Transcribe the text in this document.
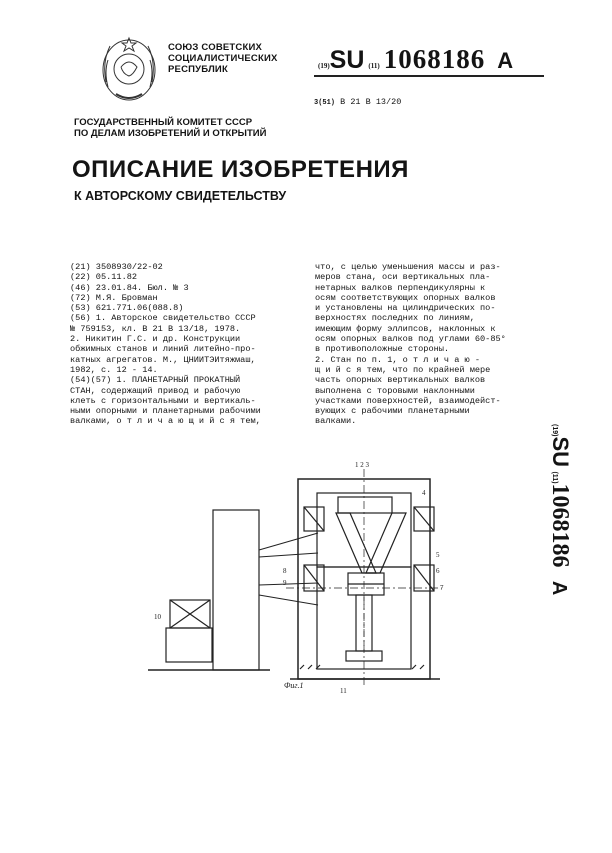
СОЮЗ СОВЕТСКИХ
СОЦИАЛИСТИЧЕСКИХ
РЕСПУБЛИК	(19)SU (11) 1068186 A
3(51) B 21 B 13/20
ГОСУДАРСТВЕННЫЙ КОМИТЕТ СССР
ПО ДЕЛАМ ИЗОБРЕТЕНИЙ И ОТКРЫТИЙ
ОПИСАНИЕ ИЗОБРЕТЕНИЯ
К АВТОРСКОМУ СВИДЕТЕЛЬСТВУ
(21) 3508930/22-02
(22) 05.11.82
(46) 23.01.84. Бюл. № 3
(72) М.Я. Бровман
(53) 621.771.06(088.8)
(56) 1. Авторское свидетельство СССР
№ 759153, кл. В 21 В 13/18, 1978.
2. Никитин Г.С. и др. Конструкции
обжимных станов и линий литейно-про-
катных агрегатов. М., ЦНИИТЭИтяжмаш,
1982, с. 12 - 14.
(54)(57) 1. ПЛАНЕТАРНЫЙ ПРОКАТНЫЙ
СТАН, содержащий привод и рабочую
клеть с горизонтальными и вертикаль-
ными опорными и планетарными рабочими
валками, о т л и ч а ю щ и й с я тем,
что, с целью уменьшения массы и раз-
меров стана, оси вертикальных пла-
нетарных валков перпендикулярны к
осям соответствующих опорных валков
и установлены на цилиндрических по-
верхностях последних по линиям,
имеющим форму эллипсов, наклонных к
осям опорных валков под углами 60-85°
в противоположные стороны.
2. Стан по п. 1, о т л и ч а ю -
щ и й с я тем, что по крайней мере
часть опорных вертикальных валков
выполнена с торовыми наклонными
участками поверхностей, взаимодейст-
вующих с рабочими планетарными
валками.
(19)SU (11)1068186   A
1 2 3
4
5
6
7
8
9
10
11
Фиг.1
